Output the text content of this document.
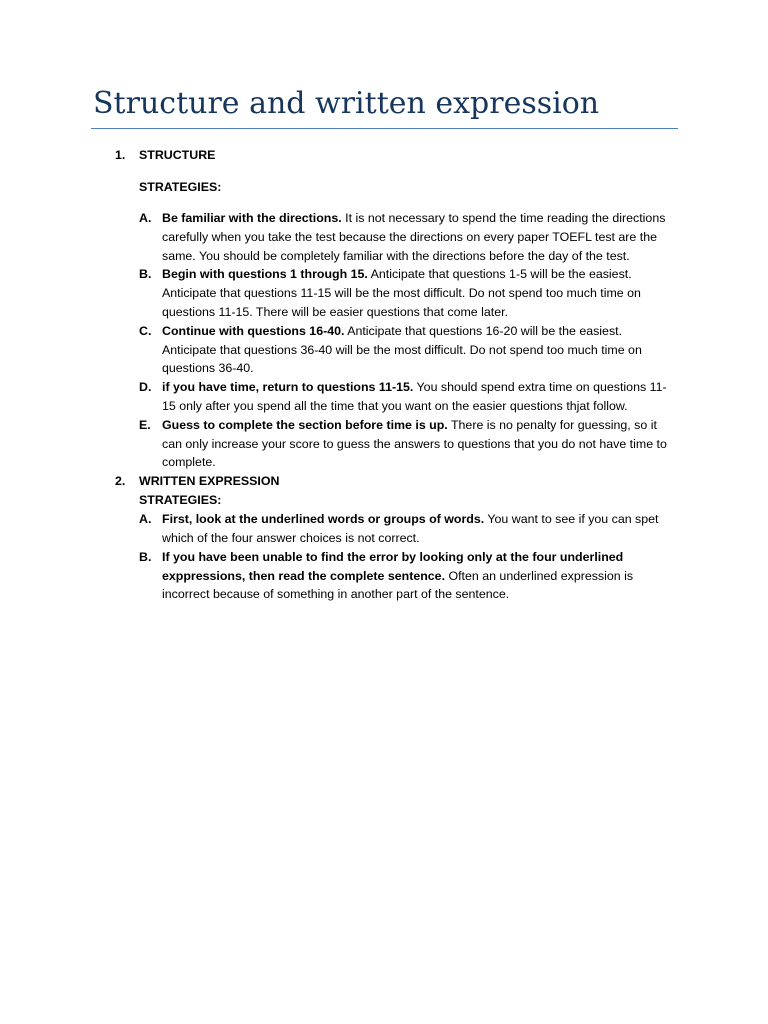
Structure and written expression
1. STRUCTURE
STRATEGIES:
A. Be familiar with the directions. It is not necessary to spend the time reading the directions carefully when you take the test because the directions on every paper TOEFL test are the same. You should be completely familiar with the directions before the day of the test.
B. Begin with questions 1 through 15. Anticipate that questions 1-5 will be the easiest. Anticipate that questions 11-15 will be the most difficult. Do not spend too much time on questions 11-15. There will be easier questions that come later.
C. Continue with questions 16-40. Anticipate that questions 16-20 will be the easiest. Anticipate that questions 36-40 will be the most difficult. Do not spend too much time on questions 36-40.
D. if you have time, return to questions 11-15. You should spend extra time on questions 11-15 only after you spend all the time that you want on the easier questions thjat follow.
E. Guess to complete the section before time is up. There is no penalty for guessing, so it can only increase your score to guess the answers to questions that you do not have time to complete.
2. WRITTEN EXPRESSION
STRATEGIES:
A. First, look at the underlined words or groups of words. You want to see if you can spet which of the four answer choices is not correct.
B. If you have been unable to find the error by looking only at the four underlined exppressions, then read the complete sentence. Often an underlined expression is incorrect because of something in another part of the sentence.
